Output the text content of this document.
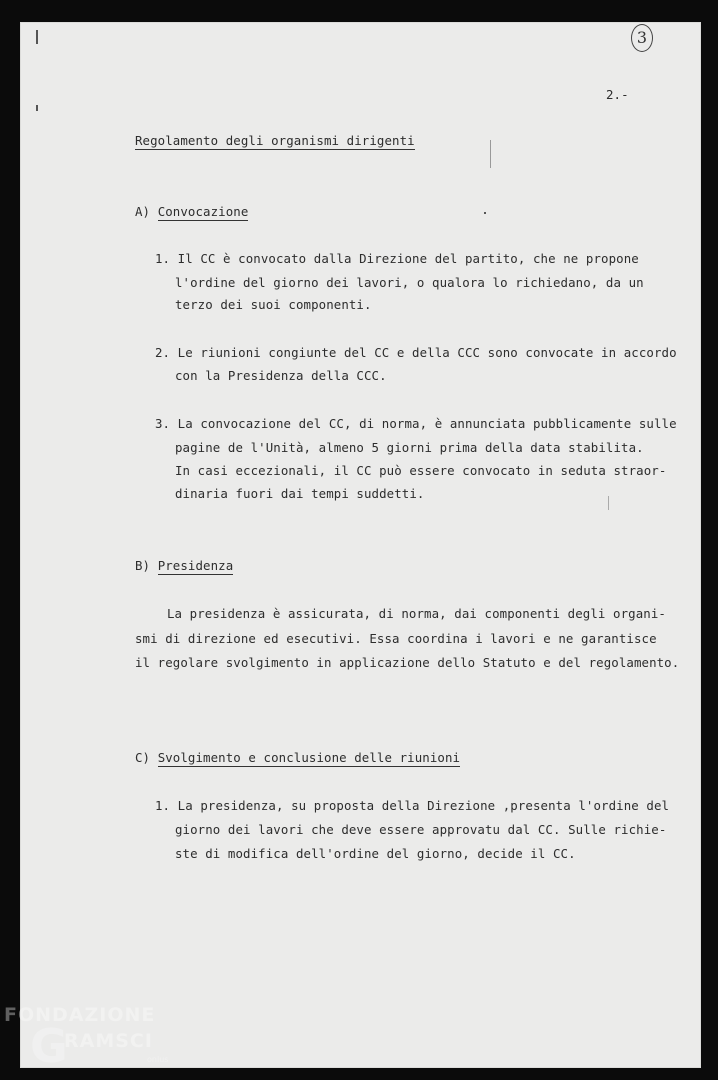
3
2.-
Regolamento degli organismi dirigenti
A) Convocazione
1. Il CC è convocato dalla Direzione del partito, che ne propone
l'ordine del giorno dei lavori, o qualora lo richiedano, da un
terzo dei suoi componenti.
2. Le riunioni congiunte del CC e della CCC sono convocate in accordo
con la Presidenza della CCC.
3. La convocazione del CC, di norma, è annunciata pubblicamente sulle
pagine de l'Unità, almeno 5 giorni prima della data stabilita.
In casi eccezionali, il CC può essere convocato in seduta straor-
dinaria fuori dai tempi suddetti.
B) Presidenza
La presidenza è assicurata, di norma, dai componenti degli organi-
smi di direzione ed esecutivi. Essa coordina i lavori e ne garantisce
il regolare svolgimento in applicazione dello Statuto e del regolamento.
C) Svolgimento e conclusione delle riunioni
1. La presidenza, su proposta della Direzione ,presenta l'ordine del
giorno dei lavori che deve essere approvatu dal CC. Sulle richie-
ste di modifica dell'ordine del giorno, decide il CC.
FONDAZIONE
G
RAMSCI
onlus
